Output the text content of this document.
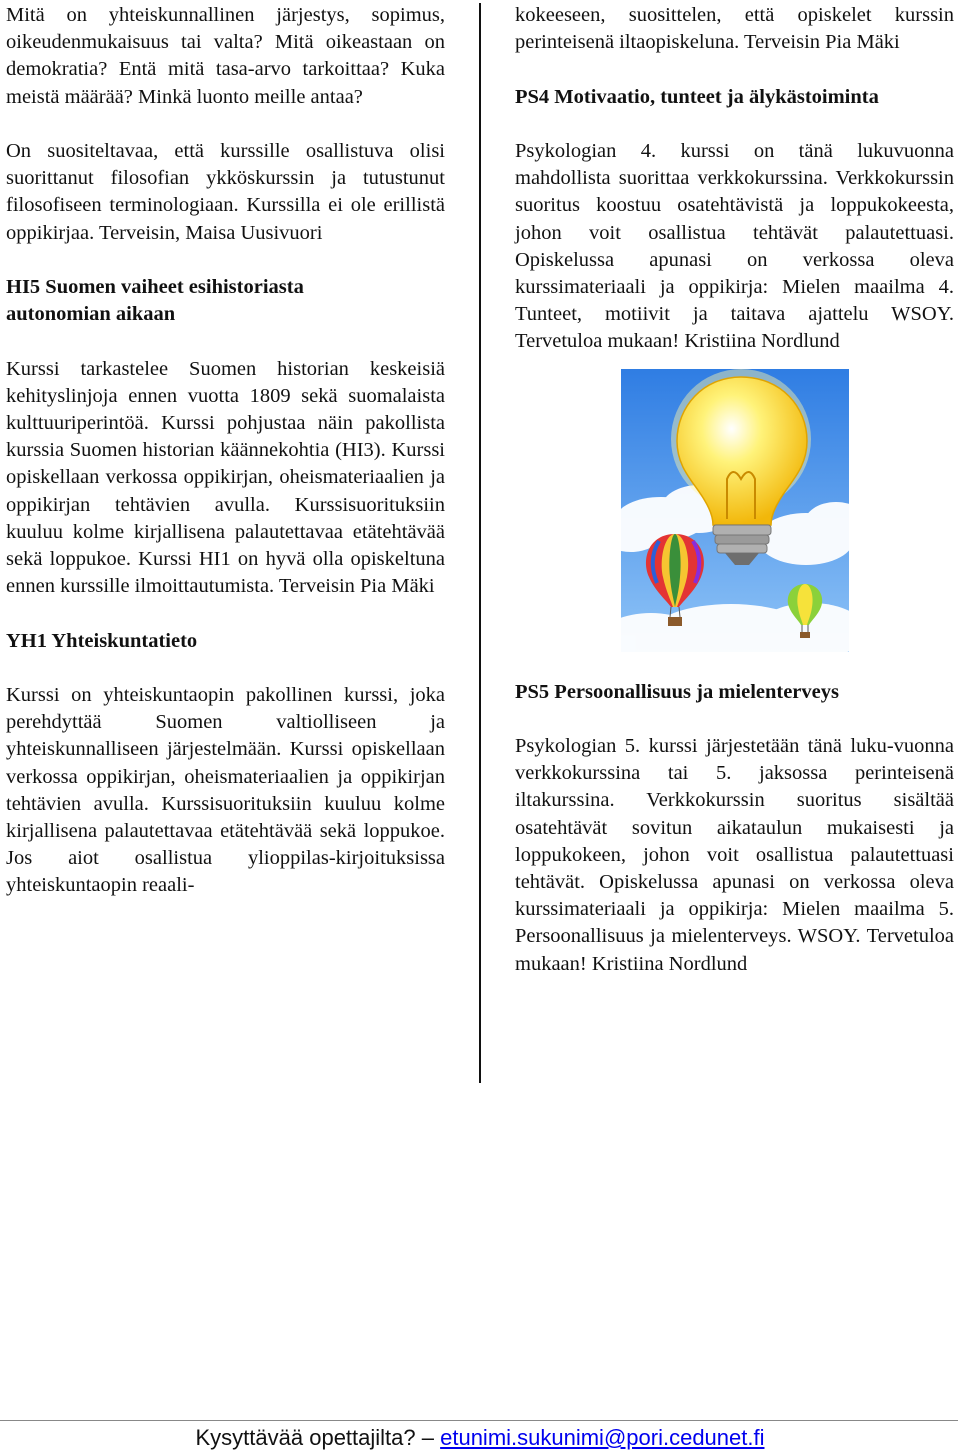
Mitä on yhteiskunnallinen järjestys, sopimus, oikeudenmukaisuus tai valta? Mitä oikeastaan on demokratia? Entä mitä tasa-arvo tarkoittaa? Kuka meistä määrää? Minkä luonto meille antaa?

On suositeltavaa, että kurssille osallistuva olisi suorittanut filosofian ykköskurssin ja tutustunut filosofiseen terminologiaan. Kurssilla ei ole erillistä oppikirjaa. Terveisin, Maisa Uusivuori

HI5 Suomen vaiheet esihistoriasta autonomian aikaan

Kurssi tarkastelee Suomen historian keskeisiä kehityslinjoja ennen vuotta 1809 sekä suomalaista kulttuuriperintöä. Kurssi pohjustaa näin pakollista kurssia Suomen historian käännekohtia (HI3). Kurssi opiskellaan verkossa oppikirjan, oheismateriaalien ja oppikirjan tehtävien avulla. Kurssisuorituksiin kuuluu kolme kirjallisena palautettavaa etätehtävää sekä loppukoe. Kurssi HI1 on hyvä olla opiskeltuna ennen kurssille ilmoittautumista. Terveisin Pia Mäki

YH1 Yhteiskuntatieto

Kurssi on yhteiskuntaopin pakollinen kurssi, joka perehdyttää Suomen valtiolliseen ja yhteiskunnalliseen järjestelmään. Kurssi opiskellaan verkossa oppikirjan, oheismateriaalien ja oppikirjan tehtävien avulla. Kurssisuorituksiin kuuluu kolme kirjallisena palautettavaa etätehtävää sekä loppukoe. Jos aiot osallistua ylioppilas-kirjoituksissa yhteiskuntaopin reaali-

kokeeseen, suosittelen, että opiskelet kurssin perinteisenä iltaopiskeluna. Terveisin Pia Mäki

PS4 Motivaatio, tunteet ja älykästoiminta

Psykologian 4. kurssi on tänä lukuvuonna mahdollista suorittaa verkkokurssina. Verkkokurssin suoritus koostuu osatehtävistä ja loppukokeesta, johon voit osallistua tehtävät palautettuasi. Opiskelussa apunasi on verkossa oleva kurssimateriaali ja oppikirja: Mielen maailma 4. Tunteet, motiivit ja taitava ajattelu WSOY. Tervetuloa mukaan! Kristiina Nordlund

PS5 Persoonallisuus ja mielenterveys

Psykologian 5. kurssi järjestetään tänä luku-vuonna verkkokurssina tai 5. jaksossa perinteisenä iltakurssina. Verkkokurssin suoritus sisältää osatehtävät sovitun aikataulun mukaisesti ja loppukokeen, johon voit osallistua palautettuasi tehtävät. Opiskelussa apunasi on verkossa oleva kurssimateriaali ja oppikirja: Mielen maailma 5. Persoonallisuus ja mielenterveys. WSOY. Tervetuloa mukaan! Kristiina Nordlund

Kysyttävää opettajilta? – etunimi.sukunimi@pori.cedunet.fi
